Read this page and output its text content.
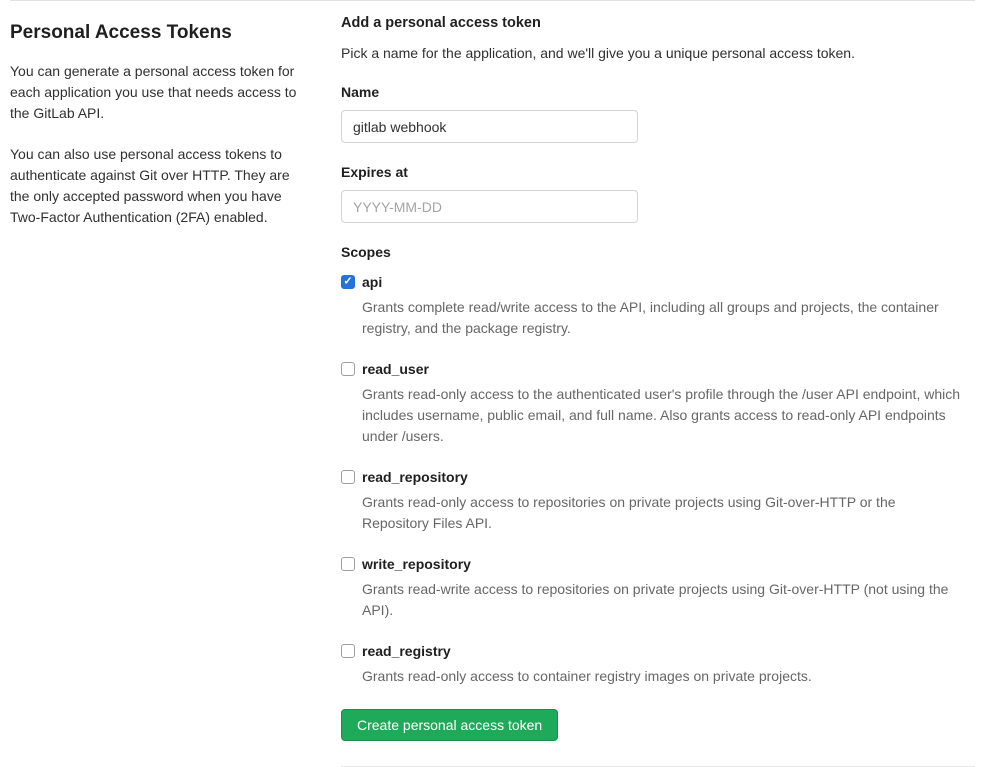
Personal Access Tokens

You can generate a personal access token for each application you use that needs access to the GitLab API.

You can also use personal access tokens to authenticate against Git over HTTP. They are the only accepted password when you have Two-Factor Authentication (2FA) enabled.

Add a personal access token

Pick a name for the application, and we'll give you a unique personal access token.

Name
gitlab webhook
Expires at
YYYY-MM-DD
Scopes
✓ api

Grants complete read/write access to the API, including all groups and projects, the container registry, and the package registry.

read_user

Grants read-only access to the authenticated user's profile through the /user API endpoint, which includes username, public email, and full name. Also grants access to read-only API endpoints under /users.

read_repository

Grants read-only access to repositories on private projects using Git-over-HTTP or the Repository Files API.

write_repository

Grants read-write access to repositories on private projects using Git-over-HTTP (not using the API).

read_registry

Grants read-only access to container registry images on private projects.

Create personal access token
